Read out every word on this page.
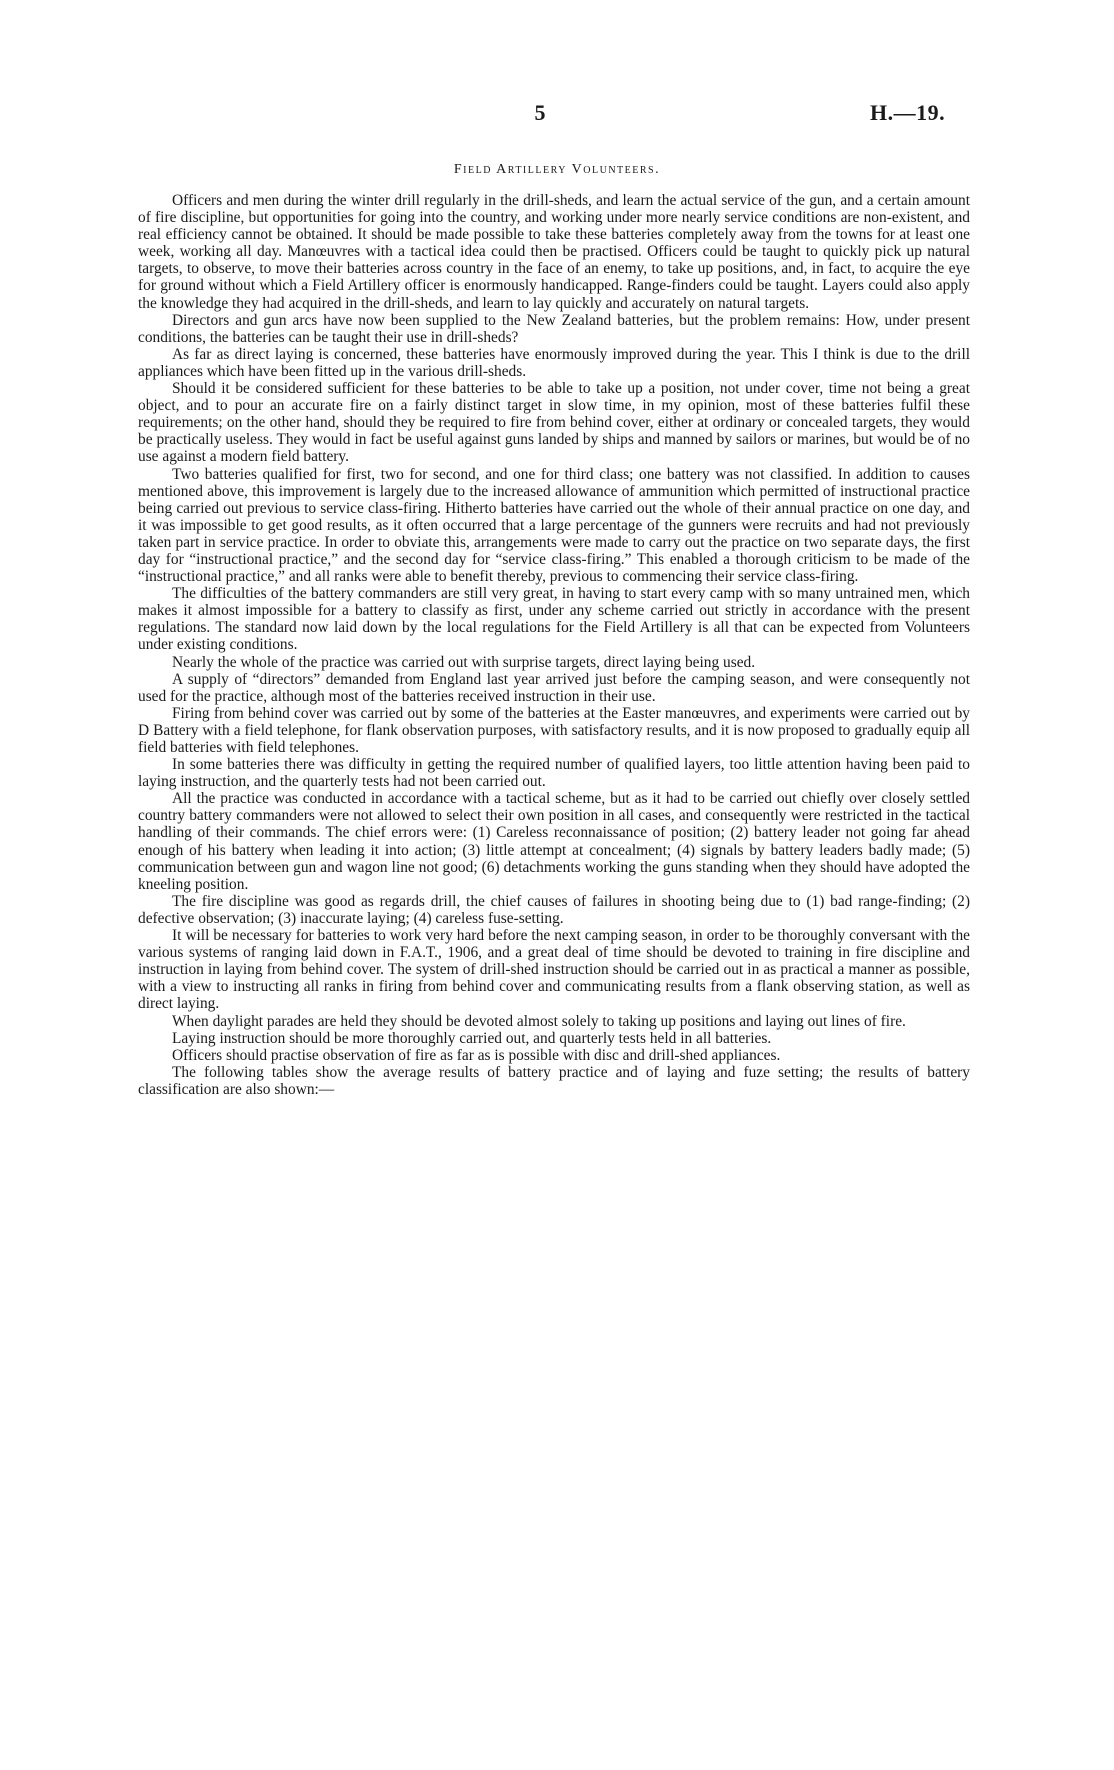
5	H.—19.
Field Artillery Volunteers.

Officers and men during the winter drill regularly in the drill-sheds, and learn the actual service of the gun, and a certain amount of fire discipline, but opportunities for going into the country, and working under more nearly service conditions are non-existent, and real efficiency cannot be obtained. It should be made possible to take these batteries completely away from the towns for at least one week, working all day. Manœuvres with a tactical idea could then be practised. Officers could be taught to quickly pick up natural targets, to observe, to move their batteries across country in the face of an enemy, to take up positions, and, in fact, to acquire the eye for ground without which a Field Artillery officer is enormously handicapped. Range-finders could be taught. Layers could also apply the knowledge they had acquired in the drill-sheds, and learn to lay quickly and accurately on natural targets.

Directors and gun arcs have now been supplied to the New Zealand batteries, but the problem remains: How, under present conditions, the batteries can be taught their use in drill-sheds?

As far as direct laying is concerned, these batteries have enormously improved during the year. This I think is due to the drill appliances which have been fitted up in the various drill-sheds.

Should it be considered sufficient for these batteries to be able to take up a position, not under cover, time not being a great object, and to pour an accurate fire on a fairly distinct target in slow time, in my opinion, most of these batteries fulfil these requirements; on the other hand, should they be required to fire from behind cover, either at ordinary or concealed targets, they would be practically useless. They would in fact be useful against guns landed by ships and manned by sailors or marines, but would be of no use against a modern field battery.

Two batteries qualified for first, two for second, and one for third class; one battery was not classified. In addition to causes mentioned above, this improvement is largely due to the increased allowance of ammunition which permitted of instructional practice being carried out previous to service class-firing. Hitherto batteries have carried out the whole of their annual practice on one day, and it was impossible to get good results, as it often occurred that a large percentage of the gunners were recruits and had not previously taken part in service practice. In order to obviate this, arrangements were made to carry out the practice on two separate days, the first day for “instructional practice,” and the second day for “service class-firing.” This enabled a thorough criticism to be made of the “instructional practice,” and all ranks were able to benefit thereby, previous to commencing their service class-firing.

The difficulties of the battery commanders are still very great, in having to start every camp with so many untrained men, which makes it almost impossible for a battery to classify as first, under any scheme carried out strictly in accordance with the present regulations. The standard now laid down by the local regulations for the Field Artillery is all that can be expected from Volunteers under existing conditions.

Nearly the whole of the practice was carried out with surprise targets, direct laying being used.

A supply of “directors” demanded from England last year arrived just before the camping season, and were consequently not used for the practice, although most of the batteries received instruction in their use.

Firing from behind cover was carried out by some of the batteries at the Easter manœuvres, and experiments were carried out by D Battery with a field telephone, for flank observation purposes, with satisfactory results, and it is now proposed to gradually equip all field batteries with field telephones.

In some batteries there was difficulty in getting the required number of qualified layers, too little attention having been paid to laying instruction, and the quarterly tests had not been carried out.

All the practice was conducted in accordance with a tactical scheme, but as it had to be carried out chiefly over closely settled country battery commanders were not allowed to select their own position in all cases, and consequently were restricted in the tactical handling of their commands. The chief errors were: (1) Careless reconnaissance of position; (2) battery leader not going far ahead enough of his battery when leading it into action; (3) little attempt at concealment; (4) signals by battery leaders badly made; (5) communication between gun and wagon line not good; (6) detachments working the guns standing when they should have adopted the kneeling position.

The fire discipline was good as regards drill, the chief causes of failures in shooting being due to (1) bad range-finding; (2) defective observation; (3) inaccurate laying; (4) careless fuse-setting.

It will be necessary for batteries to work very hard before the next camping season, in order to be thoroughly conversant with the various systems of ranging laid down in F.A.T., 1906, and a great deal of time should be devoted to training in fire discipline and instruction in laying from behind cover. The system of drill-shed instruction should be carried out in as practical a manner as possible, with a view to instructing all ranks in firing from behind cover and communicating results from a flank observing station, as well as direct laying.

When daylight parades are held they should be devoted almost solely to taking up positions and laying out lines of fire.

Laying instruction should be more thoroughly carried out, and quarterly tests held in all batteries.

Officers should practise observation of fire as far as is possible with disc and drill-shed appliances.

The following tables show the average results of battery practice and of laying and fuze setting; the results of battery classification are also shown:—
